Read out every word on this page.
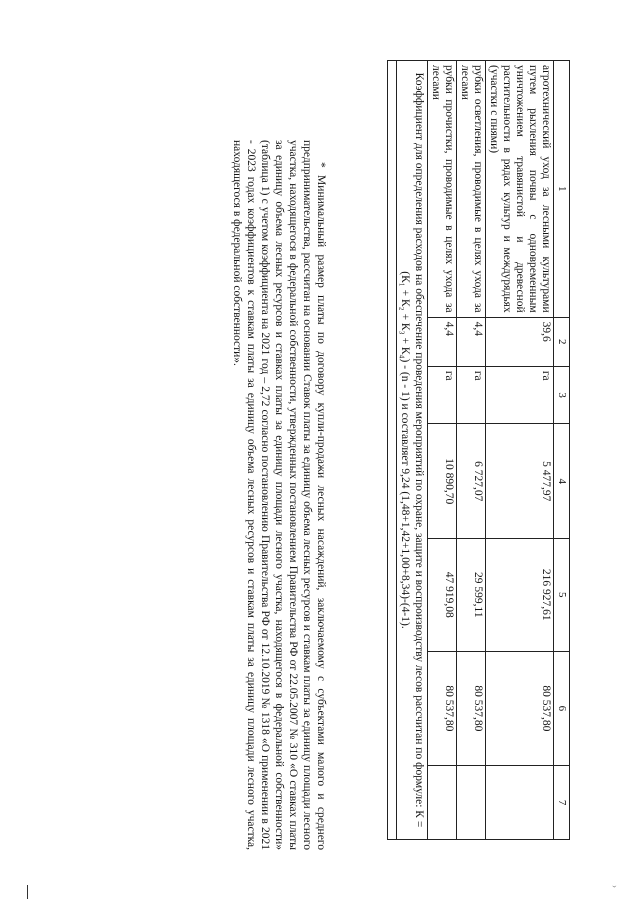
1	2	3	4	5	6	7
агротехнический уход за лесными культурами путем рыхления почвы с одновременным уничтожением травянистой и древесной растительности в рядах культур и междурядьях (участки с пнями)	39,6	га	5 477,97	216 927,61	80 537,80	
рубки осветления, проводимые в целях ухода за лесами	4,4	га	6 727,07	29 599,11	80 537,80	
рубки прочистки, проводимые в целях ухода за лесами	4,4	га	10 890,70	47 919,08	80 537,80	
Коэффициент для определения расходов на обеспечение проведения мероприятий по охране, защите и воспроизводству лесов рассчитан по формуле: К = (К₁ + К₂ + К₃ + К₄) - (n - 1) и составляет 9,24 (1,48+1,42+1,00+8,34)-(4-1).						

* Минимальный размер платы по договору купли-продажи лесных насаждений, заключаемому с субъектами малого и среднего предпринимательства, рассчитан на основании Ставок платы за единицу объема лесных ресурсов и ставкам платы за единицу площади лесного участка, находящегося в федеральной собственности, утвержденных постановлением Правительства РФ от 22.05.2007 № 310 «О ставках платы за единицу объема лесных ресурсов и ставках платы за единицу площади лесного участка, находящегося в федеральной собственности» (таблица 1) с учетом коэффициента на 2021 год – 2,72 согласно постановлению Правительства РФ от 12.10.2019 № 1318 «О применении в 2021 - 2023 годах коэффициентов к ставкам платы за единицу объема лесных ресурсов и ставкам платы за единицу площади лесного участка, находящегося в федеральной собственности».

›
